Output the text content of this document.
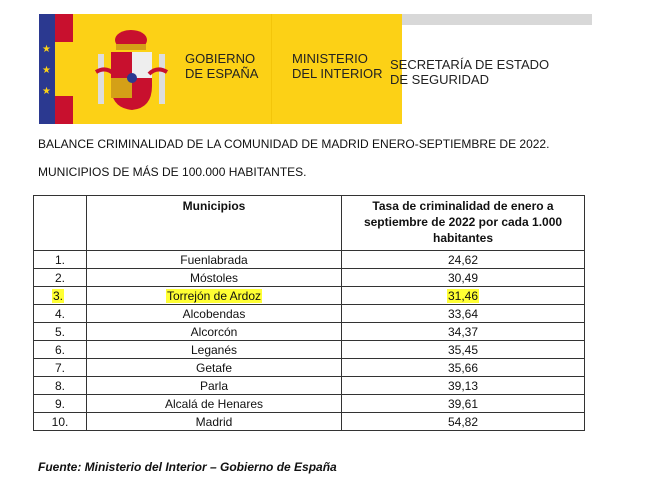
★
★
★
GOBIERNO
DE ESPAÑA
MINISTERIO
DEL INTERIOR
SECRETARÍA DE ESTADO
DE SEGURIDAD
BALANCE CRIMINALIDAD DE LA COMUNIDAD DE MADRID ENERO-SEPTIEMBRE DE 2022.
MUNICIPIOS DE MÁS DE 100.000 HABITANTES.
	Municipios	Tasa de criminalidad de enero a septiembre de 2022 por cada 1.000 habitantes

1.	Fuenlabrada	24,62
2.	Móstoles	30,49
3.	Torrejón de Ardoz	31,46
4.	Alcobendas	33,64
5.	Alcorcón	34,37
6.	Leganés	35,45
7.	Getafe	35,66
8.	Parla	39,13
9.	Alcalá de Henares	39,61
10.	Madrid	54,82
Fuente: Ministerio del Interior – Gobierno de España
